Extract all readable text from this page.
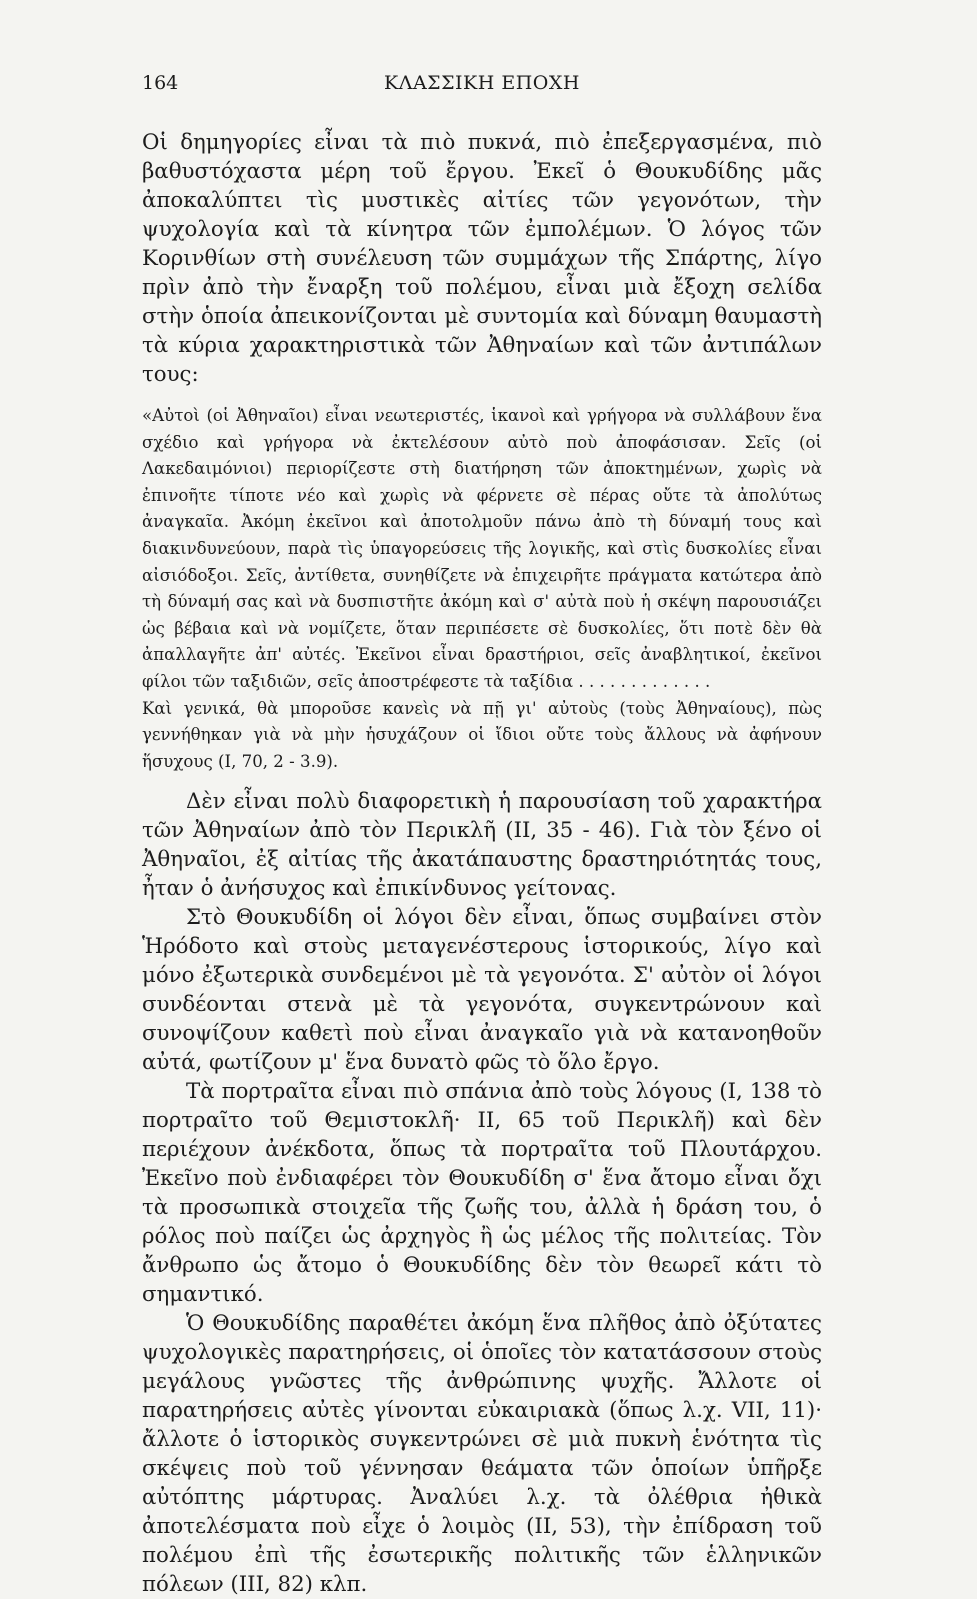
164	ΚΛΑΣΣΙΚΗ ΕΠΟΧΗ

Οἱ δημηγορίες εἶναι τὰ πιὸ πυκνά, πιὸ ἐπεξεργασμένα, πιὸ βαθυστόχαστα μέρη τοῦ ἔργου. Ἐκεῖ ὁ Θουκυδίδης μᾶς ἀποκαλύπτει τὶς μυστικὲς αἰτίες τῶν γεγονότων, τὴν ψυχολογία καὶ τὰ κίνητρα τῶν ἐμπολέμων. Ὁ λόγος τῶν Κορινθίων στὴ συνέλευση τῶν συμμάχων τῆς Σπάρτης, λίγο πρὶν ἀπὸ τὴν ἔναρξη τοῦ πολέμου, εἶναι μιὰ ἔξοχη σελίδα στὴν ὁποία ἀπεικονίζονται μὲ συντομία καὶ δύναμη θαυμαστὴ τὰ κύρια χαρακτηριστικὰ τῶν Ἀθηναίων καὶ τῶν ἀντιπάλων τους:

«Αὐτοὶ (οἱ Ἀθηναῖοι) εἶναι νεωτεριστές, ἱκανοὶ καὶ γρήγορα νὰ συλλάβουν ἕνα σχέδιο καὶ γρήγορα νὰ ἐκτελέσουν αὐτὸ ποὺ ἀποφάσισαν. Σεῖς (οἱ Λακεδαιμόνιοι) περιορίζεστε στὴ διατήρηση τῶν ἀποκτημένων, χωρὶς νὰ ἐπινοῆτε τίποτε νέο καὶ χωρὶς νὰ φέρνετε σὲ πέρας οὔτε τὰ ἀπολύτως ἀναγκαῖα. Ἀκόμη ἐκεῖνοι καὶ ἀποτολμοῦν πάνω ἀπὸ τὴ δύναμή τους καὶ διακινδυνεύουν, παρὰ τὶς ὑπαγορεύσεις τῆς λογικῆς, καὶ στὶς δυσκολίες εἶναι αἰσιόδοξοι. Σεῖς, ἀντίθετα, συνηθίζετε νὰ ἐπιχειρῆτε πράγματα κατώτερα ἀπὸ τὴ δύναμή σας καὶ νὰ δυσπιστῆτε ἀκόμη καὶ σ' αὐτὰ ποὺ ἡ σκέψη παρουσιάζει ὡς βέβαια καὶ νὰ νομίζετε, ὅταν περιπέσετε σὲ δυσκολίες, ὅτι ποτὲ δὲν θὰ ἀπαλλαγῆτε ἀπ' αὐτές. Ἐκεῖνοι εἶναι δραστήριοι, σεῖς ἀναβλητικοί, ἐκεῖνοι φίλοι τῶν ταξιδιῶν, σεῖς ἀποστρέφεστε τὰ ταξίδια . . . . . . . . . . . . .

Καὶ γενικά, θὰ μποροῦσε κανεὶς νὰ πῇ γι' αὐτοὺς (τοὺς Ἀθηναίους), πὼς γεννήθηκαν γιὰ νὰ μὴν ἡσυχάζουν οἱ ἴδιοι οὔτε τοὺς ἄλλους νὰ ἀφήνουν ἥσυχους (Ι, 70, 2 - 3.9).

Δὲν εἶναι πολὺ διαφορετικὴ ἡ παρουσίαση τοῦ χαρακτήρα τῶν Ἀθηναίων ἀπὸ τὸν Περικλῆ (ΙΙ, 35 - 46). Γιὰ τὸν ξένο οἱ Ἀθηναῖοι, ἐξ αἰτίας τῆς ἀκατάπαυστης δραστηριότητάς τους, ἦταν ὁ ἀνήσυχος καὶ ἐπικίνδυνος γείτονας.

Στὸ Θουκυδίδη οἱ λόγοι δὲν εἶναι, ὅπως συμβαίνει στὸν Ἡρόδοτο καὶ στοὺς μεταγενέστερους ἱστορικούς, λίγο καὶ μόνο ἐξωτερικὰ συνδεμένοι μὲ τὰ γεγονότα. Σ' αὐτὸν οἱ λόγοι συνδέονται στενὰ μὲ τὰ γεγονότα, συγκεντρώνουν καὶ συνοψίζουν καθετὶ ποὺ εἶναι ἀναγκαῖο γιὰ νὰ κατανοηθοῦν αὐτά, φωτίζουν μ' ἕνα δυνατὸ φῶς τὸ ὅλο ἔργο.

Τὰ πορτραῖτα εἶναι πιὸ σπάνια ἀπὸ τοὺς λόγους (Ι, 138 τὸ πορτραῖτο τοῦ Θεμιστοκλῆ· ΙΙ, 65 τοῦ Περικλῆ) καὶ δὲν περιέχουν ἀνέκδοτα, ὅπως τὰ πορτραῖτα τοῦ Πλουτάρχου. Ἐκεῖνο ποὺ ἐνδιαφέρει τὸν Θουκυδίδη σ' ἕνα ἄτομο εἶναι ὄχι τὰ προσωπικὰ στοιχεῖα τῆς ζωῆς του, ἀλλὰ ἡ δράση του, ὁ ρόλος ποὺ παίζει ὡς ἀρχηγὸς ἢ ὡς μέλος τῆς πολιτείας. Τὸν ἄνθρωπο ὡς ἄτομο ὁ Θουκυδίδης δὲν τὸν θεωρεῖ κάτι τὸ σημαντικό.

Ὁ Θουκυδίδης παραθέτει ἀκόμη ἕνα πλῆθος ἀπὸ ὀξύτατες ψυχολογικὲς παρατηρήσεις, οἱ ὁποῖες τὸν κατατάσσουν στοὺς μεγάλους γνῶστες τῆς ἀνθρώπινης ψυχῆς. Ἄλλοτε οἱ παρατηρήσεις αὐτὲς γίνονται εὐκαιριακὰ (ὅπως λ.χ. VII, 11)· ἄλλοτε ὁ ἱστορικὸς συγκεντρώνει σὲ μιὰ πυκνὴ ἑνότητα τὶς σκέψεις ποὺ τοῦ γέννησαν θεάματα τῶν ὁποίων ὑπῆρξε αὐτόπτης μάρτυρας. Ἀναλύει λ.χ. τὰ ὀλέθρια ἠθικὰ ἀποτελέσματα ποὺ εἶχε ὁ λοιμὸς (ΙΙ, 53), τὴν ἐπίδραση τοῦ πολέμου ἐπὶ τῆς ἐσωτερικῆς πολιτικῆς τῶν ἑλληνικῶν πόλεων (ΙΙΙ, 82) κλπ.
